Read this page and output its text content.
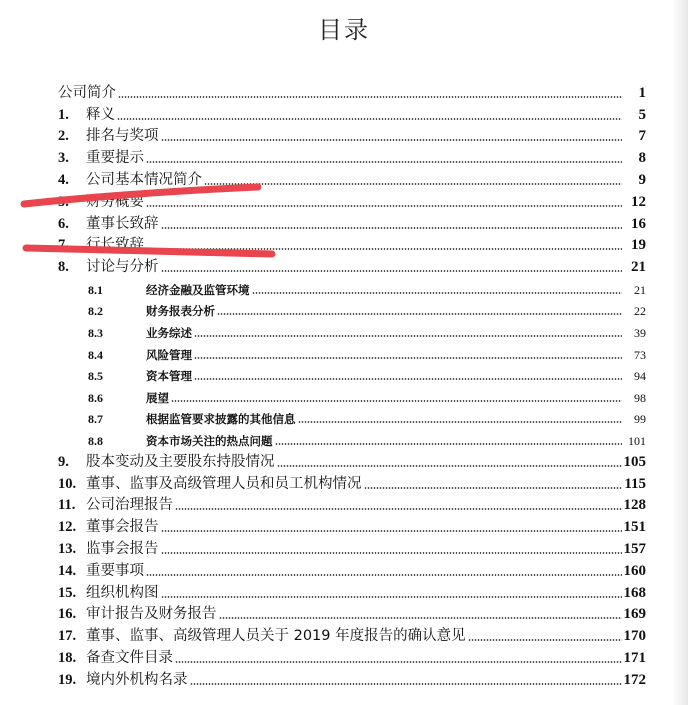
目录
公司简介	1
1.	释义	5
2.	排名与奖项	7
3.	重要提示	8
4.	公司基本情况简介	9
5.	财务概要	12
6.	董事长致辞	16
7.	行长致辞	19
8.	讨论与分析	21
8.1	经济金融及监管环境	21
8.2	财务报表分析	22
8.3	业务综述	39
8.4	风险管理	73
8.5	资本管理	94
8.6	展望	98
8.7	根据监管要求披露的其他信息	99
8.8	资本市场关注的热点问题	101
9.	股本变动及主要股东持股情况	105
10. 董事、监事及高级管理人员和员工机构情况	115
11. 公司治理报告	128
12. 董事会报告	151
13. 监事会报告	157
14. 重要事项	160
15. 组织机构图	168
16. 审计报告及财务报告	169
17. 董事、监事、高级管理人员关于 2019 年度报告的确认意见	170
18. 备查文件目录	171
19. 境内外机构名录	172
